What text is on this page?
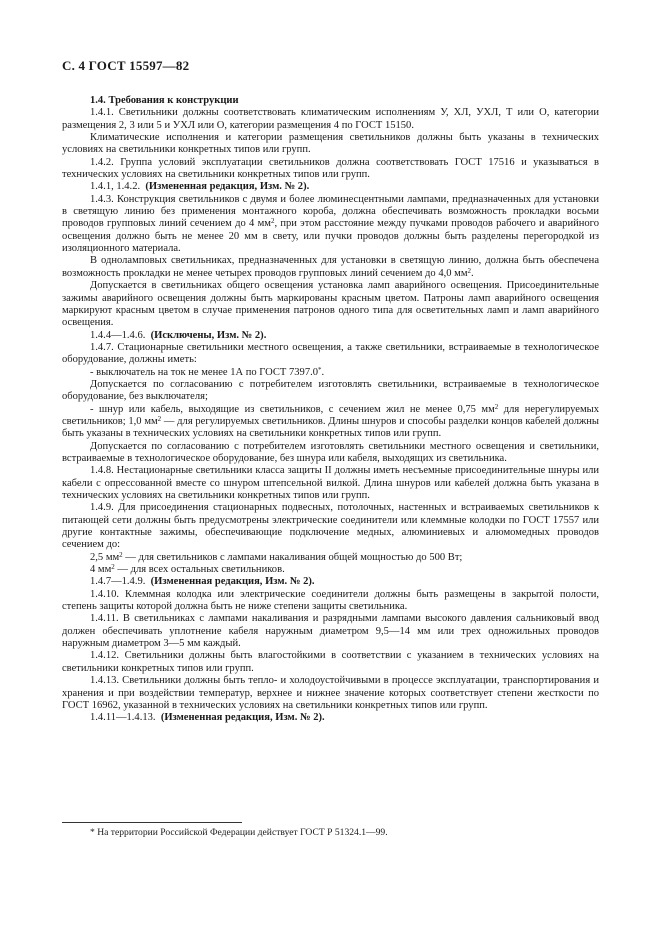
С. 4 ГОСТ 15597—82

1.4. Требования к конструкции

1.4.1. Светильники должны соответствовать климатическим исполнениям У, ХЛ, УХЛ, Т или О, категории размещения 2, 3 или 5 и УХЛ или О, категории размещения 4 по ГОСТ 15150.

Климатические исполнения и категории размещения светильников должны быть указаны в технических условиях на светильники конкретных типов или групп.

1.4.2. Группа условий эксплуатации светильников должна соответствовать ГОСТ 17516 и указываться в технических условиях на светильники конкретных типов или групп.

1.4.1, 1.4.2. (Измененная редакция, Изм. № 2).

1.4.3. Конструкция светильников с двумя и более люминесцентными лампами, предназначенных для установки в светящую линию без применения монтажного короба, должна обеспечивать возможность прокладки восьми проводов групповых линий сечением до 4 $мм^2$, при этом расстояние между пучками проводов рабочего и аварийного освещения должно быть не менее 20 мм в свету, или пучки проводов должны быть разделены перегородкой из изоляционного материала.

В однолампoвых светильниках, предназначенных для установки в светящую линию, должна быть обеспечена возможность прокладки не менее четырех проводов групповых линий сечением до 4,0 $мм^2$.

Допускается в светильниках общего освещения установка ламп аварийного освещения. Присоединительные зажимы аварийного освещения должны быть маркированы красным цветом. Патроны ламп аварийного освещения маркируют красным цветом в случае применения патронов одного типа для осветительных ламп и ламп аварийного освещения.

1.4.4—1.4.6. (Исключены, Изм. № 2).

1.4.7. Стационарные светильники местного освещения, а также светильники, встраиваемые в технологическое оборудование, должны иметь:

- выключатель на ток не менее 1А по ГОСТ 7397.0*.

Допускается по согласованию с потребителем изготовлять светильники, встраиваемые в технологическое оборудование, без выключателя;

- шнур или кабель, выходящие из светильников, с сечением жил не менее 0,75 $мм^2$ для нерегулируемых светильников; 1,0 $мм^2$ — для регулируемых светильников. Длины шнуров и способы разделки концов кабелей должны быть указаны в технических условиях на светильники конкретных типов или групп.

Допускается по согласованию с потребителем изготовлять светильники местного освещения и светильники, встраиваемые в технологическое оборудование, без шнура или кабеля, выходящих из светильника.

1.4.8. Нестационарные светильники класса защиты II должны иметь несъемные присоединительные шнуры или кабели с опрессованной вместе со шнуром штепсельной вилкой. Длина шнуров или кабелей должна быть указана в технических условиях на светильники конкретных типов или групп.

1.4.9. Для присоединения стационарных подвесных, потолочных, настенных и встраиваемых светильников к питающей сети должны быть предусмотрены электрические соединители или клеммные колодки по ГОСТ 17557 или другие контактные зажимы, обеспечивающие подключение медных, алюминиевых и алюмомедных проводов сечением до:

2,5 $мм^2$ — для светильников с лампами накаливания общей мощностью до 500 Вт;

4 $мм^2$ — для всех остальных светильников.

1.4.7—1.4.9. (Измененная редакция, Изм. № 2).

1.4.10. Клеммная колодка или электрические соединители должны быть размещены в закрытой полости, степень защиты которой должна быть не ниже степени защиты светильника.

1.4.11. В светильниках с лампами накаливания и разрядными лампами высокого давления сальниковый ввод должен обеспечивать уплотнение кабеля наружным диаметром 9,5—14 мм или трех одножильных проводов наружным диаметром 3—5 мм каждый.

1.4.12. Светильники должны быть влагостойкими в соответствии с указанием в технических условиях на светильники конкретных типов или групп.

1.4.13. Светильники должны быть тепло- и холодоустойчивыми в процессе эксплуатации, транспортирования и хранения и при воздействии температур, верхнее и нижнее значение которых соответствует степени жесткости по ГОСТ 16962, указанной в технических условиях на светильники конкретных типов или групп.

1.4.11—1.4.13. (Измененная редакция, Изм. № 2).

* На территории Российской Федерации действует ГОСТ Р 51324.1—99.
